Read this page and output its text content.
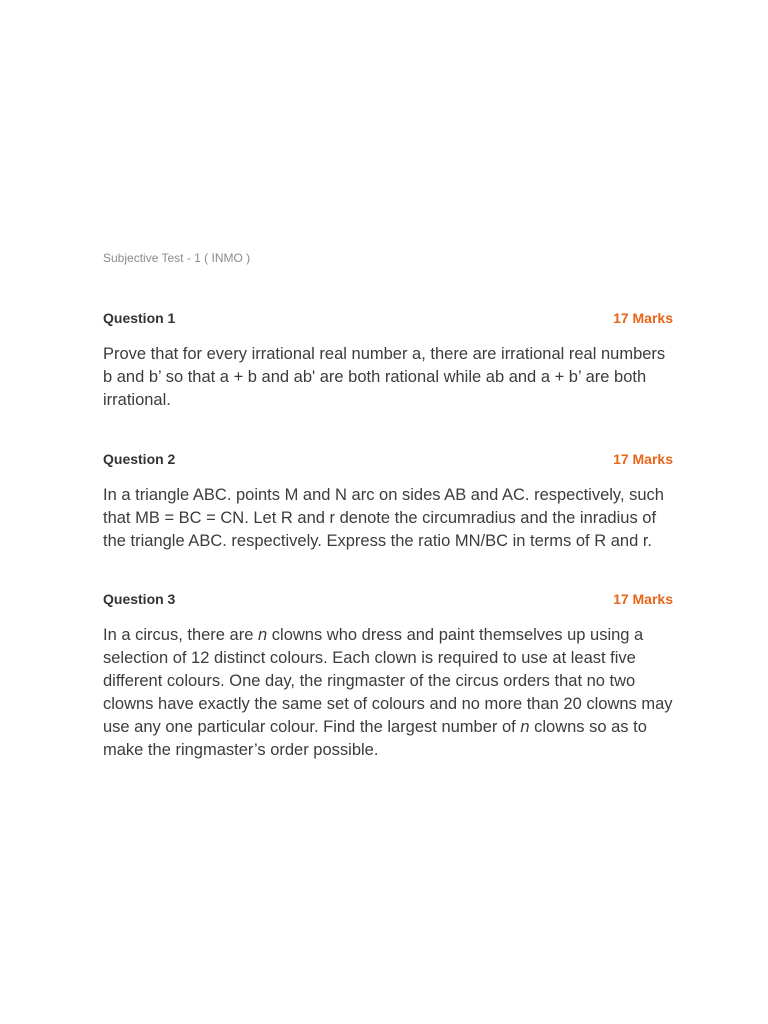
Subjective Test - 1 ( INMO )

Question 1	17 Marks
Prove that for every irrational real number a, there are irrational real numbers b and b’ so that a + b and ab' are both rational while ab and a + b’ are both irrational.
Question 2	17 Marks
In a triangle ABC. points M and N arc on sides AB and AC. respectively, such that MB = BC = CN. Let R and r denote the circumradius and the inradius of the triangle ABC. respectively. Express the ratio MN/BC in terms of R and r.
Question 3	17 Marks
In a circus, there are n clowns who dress and paint themselves up using a selection of 12 distinct colours. Each clown is required to use at least five different colours. One day, the ringmaster of the circus orders that no two clowns have exactly the same set of colours and no more than 20 clowns may use any one particular colour. Find the largest number of n clowns so as to make the ringmaster’s order possible.
